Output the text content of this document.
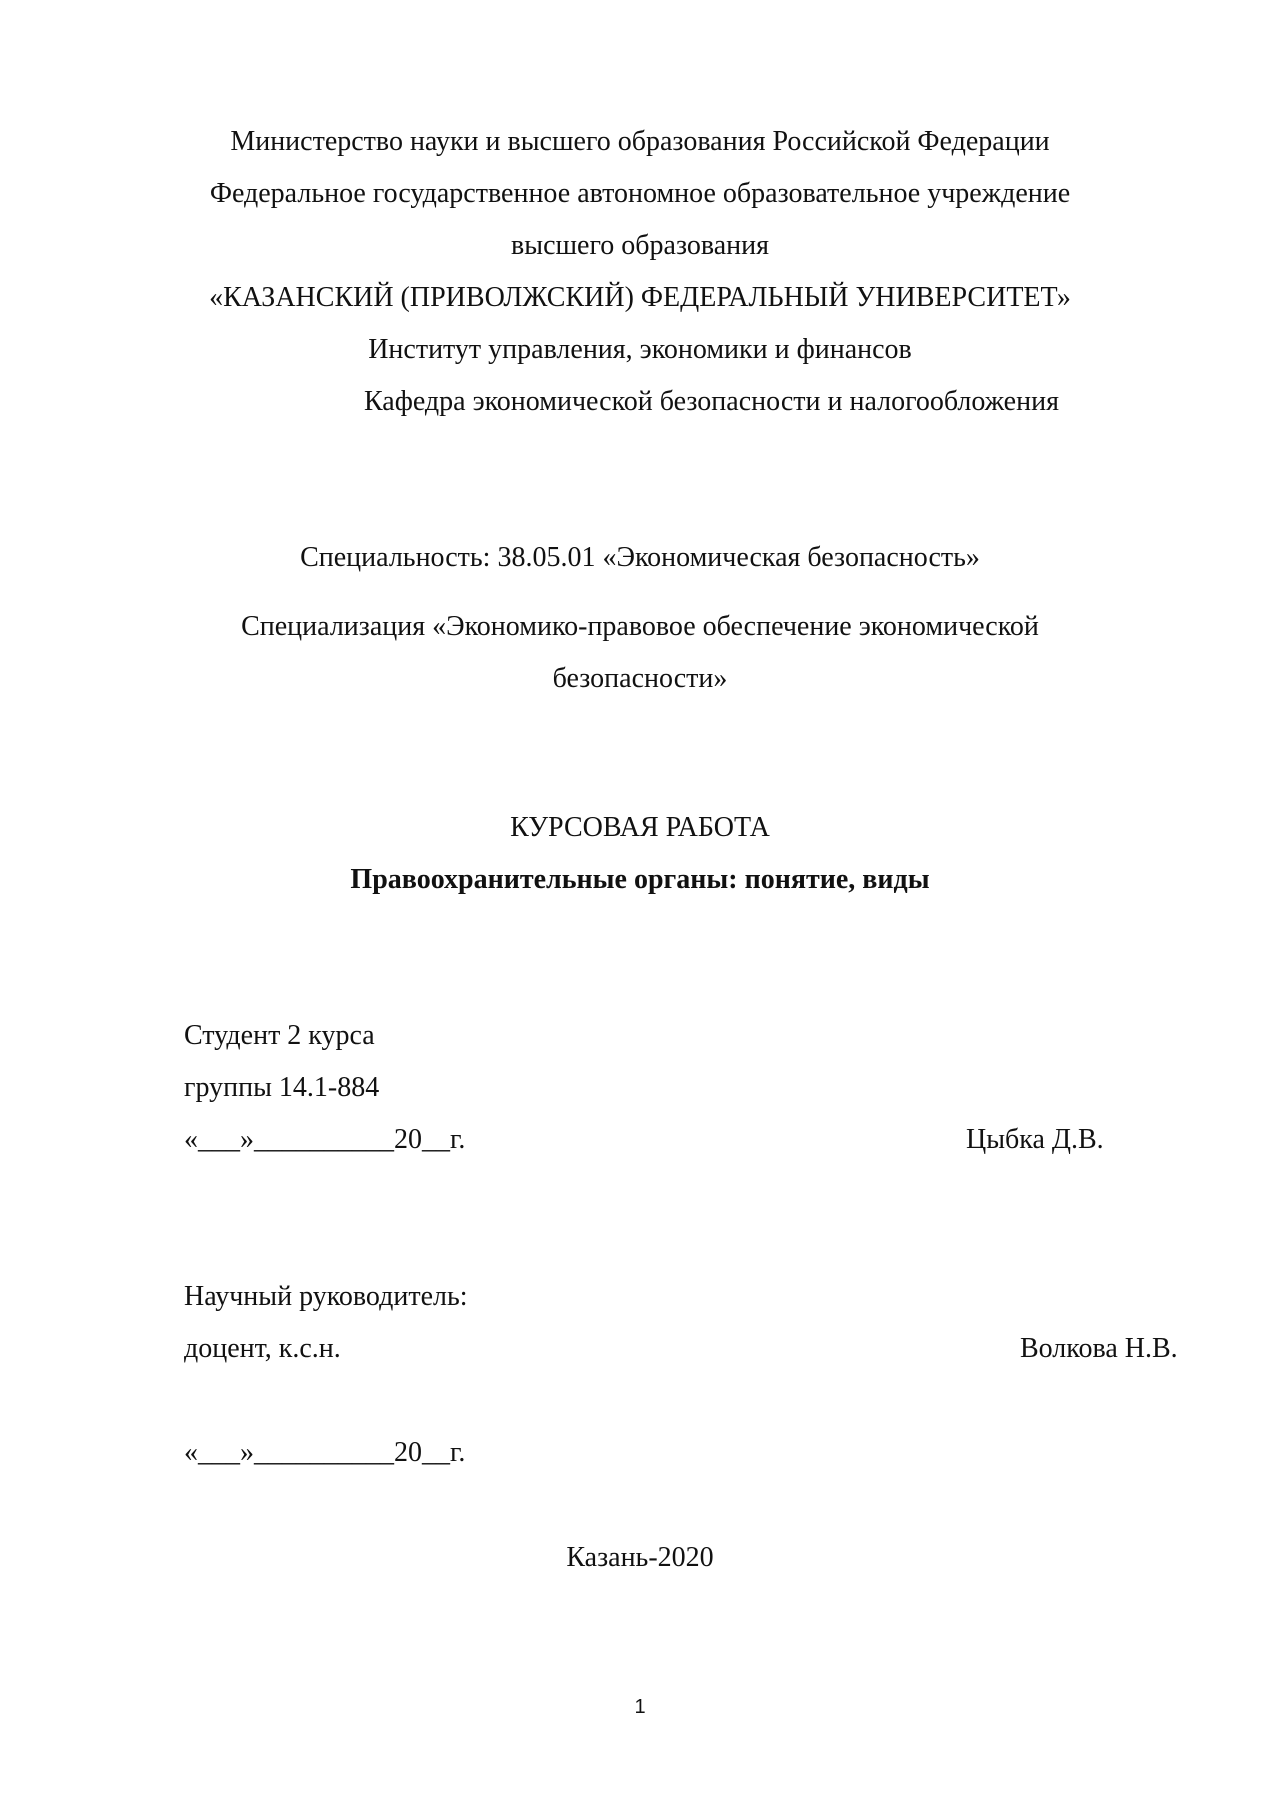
Министерство науки и высшего образования Российской Федерации
Федеральное государственное автономное образовательное учреждение
высшего образования
«КАЗАНСКИЙ (ПРИВОЛЖСКИЙ) ФЕДЕРАЛЬНЫЙ УНИВЕРСИТЕТ»
Институт управления, экономики и финансов
Кафедра экономической безопасности и налогообложения
Специальность: 38.05.01 «Экономическая безопасность»
Специализация «Экономико-правовое обеспечение экономической
безопасности»
КУРСОВАЯ РАБОТА
Правоохранительные органы: понятие, виды
Студент 2 курса
группы 14.1-884
«___»__________20__г.	Цыбка Д.В.
Научный руководитель:
доцент, к.с.н.	Волкова Н.В.
«___»__________20__г.
Казань-2020
1
